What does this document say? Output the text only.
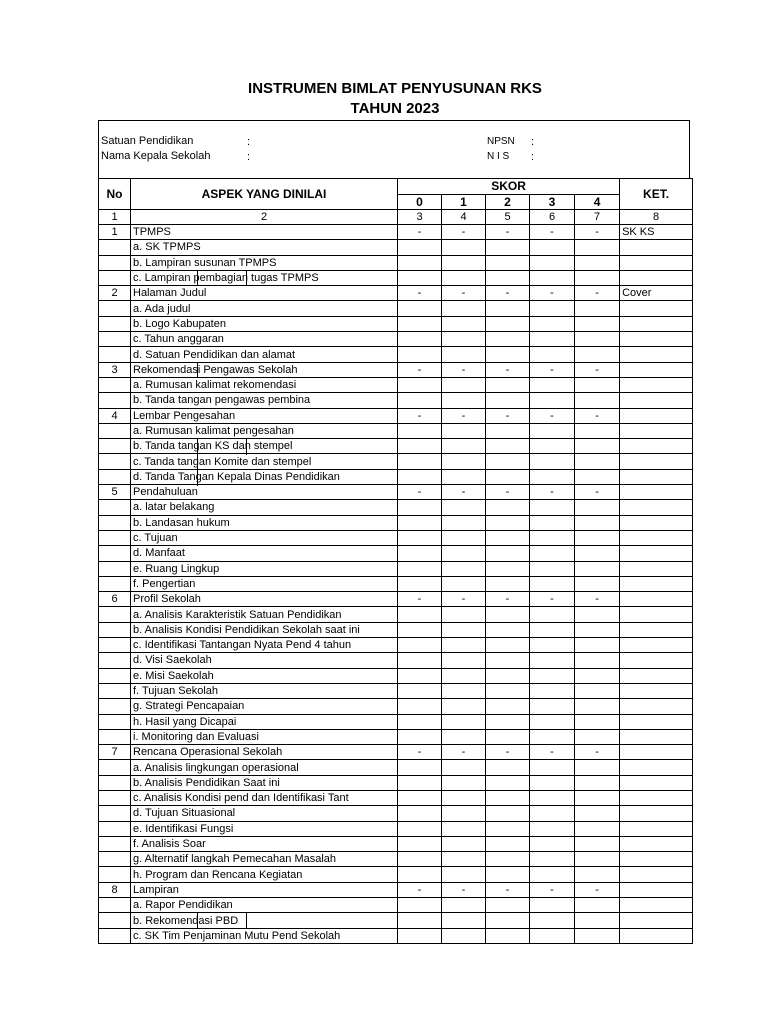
INSTRUMEN BIMLAT PENYUSUNAN RKS
TAHUN 2023
Satuan Pendidikan	:
Nama Kepala Sekolah	:
NPSN :
N I S :
No	ASPEK YANG DINILAI	SKOR					KET.
		0	1	2	3	4	
1	2	3	4	5	6	7	8
1	TPMPS	-	-	-	-	-	SK KS
	a. SK TPMPS						
	b. Lampiran susunan TPMPS						
	c. Lampiran pembagian tugas TPMPS						
2	Halaman Judul	-	-	-	-	-	Cover
	a. Ada judul						
	b. Logo Kabupaten						
	c. Tahun anggaran						
	d. Satuan Pendidikan dan alamat						
3	Rekomendasi Pengawas Sekolah	-	-	-	-	-	
	a. Rumusan kalimat rekomendasi						
	b. Tanda tangan pengawas pembina						
4	Lembar Pengesahan	-	-	-	-	-	
	a. Rumusan kalimat pengesahan						
	b. Tanda tangan KS dan stempel						
	c. Tanda tangan Komite dan stempel						
	d. Tanda Tangan Kepala Dinas Pendidikan						
5	Pendahuluan	-	-	-	-	-	
	a. latar belakang						
	b. Landasan hukum						
	c. Tujuan						
	d. Manfaat						
	e. Ruang Lingkup						
	f. Pengertian						
6	Profil Sekolah	-	-	-	-	-	
	a. Analisis Karakteristik Satuan Pendidikan						
	b. Analisis Kondisi Pendidikan Sekolah saat ini						
	c. Identifikasi Tantangan Nyata Pend 4 tahun						
	d. Visi Saekolah						
	e. Misi Saekolah						
	f. Tujuan Sekolah						
	g. Strategi Pencapaian						
	h. Hasil yang Dicapai						
	i. Monitoring dan Evaluasi						
7	Rencana Operasional Sekolah	-	-	-	-	-	
	a. Analisis lingkungan operasional						
	b. Analisis Pendidikan Saat ini						
	c. Analisis Kondisi pend dan Identifikasi Tant						
	d. Tujuan Situasional						
	e. Identifikasi Fungsi						
	f. Analisis Soar						
	g. Alternatif langkah Pemecahan Masalah						
	h. Program dan Rencana Kegiatan						
8	Lampiran	-	-	-	-	-	
	a. Rapor Pendidikan						
	b. Rekomendasi PBD						
	c. SK Tim Penjaminan Mutu Pend Sekolah						
